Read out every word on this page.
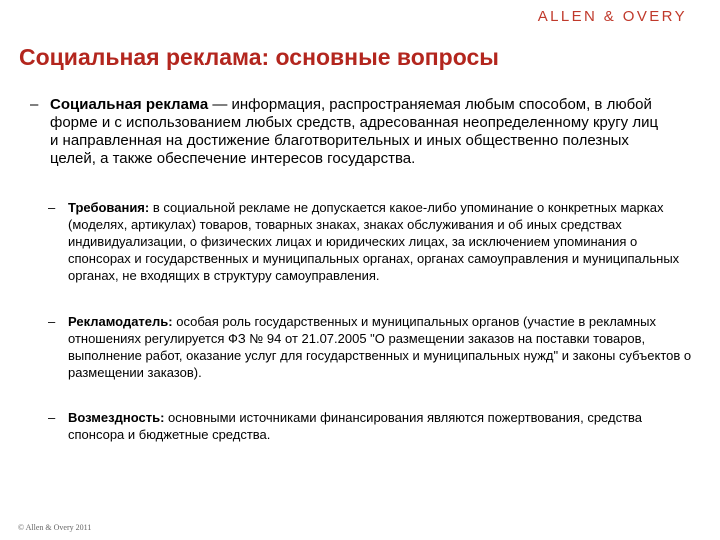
ALLEN & OVERY
Социальная реклама: основные вопросы
– Социальная реклама — информация, распространяемая любым способом, в любой форме и с использованием любых средств, адресованная неопределенному кругу лиц и направленная на достижение благотворительных и иных общественно полезных целей, а также обеспечение интересов государства.
– Требования: в социальной рекламе не допускается какое-либо упоминание о конкретных марках (моделях, артикулах) товаров, товарных знаках, знаках обслуживания и об иных средствах индивидуализации, о физических лицах и юридических лицах, за исключением упоминания о спонсорах и государственных и муниципальных органах, органах самоуправления и муниципальных органах, не входящих в структуру самоуправления.
– Рекламодатель: особая роль государственных и муниципальных органов (участие в рекламных отношениях регулируется ФЗ № 94 от 21.07.2005 "О размещении заказов на поставки товаров, выполнение работ, оказание услуг для государственных и муниципальных нужд" и законы субъектов о размещении заказов).
– Возмездность: основными источниками финансирования являются пожертвования, средства спонсора и бюджетные средства.
© Allen & Overy 2011
